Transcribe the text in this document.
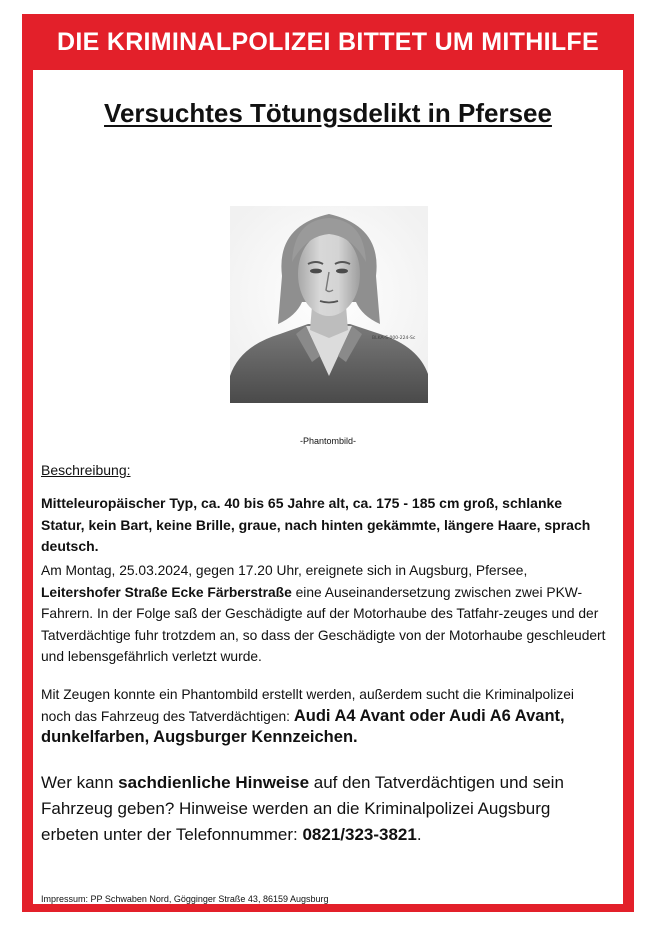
DIE KRIMINALPOLIZEI BITTET UM MITHILFE
Versuchtes Tötungsdelikt in Pfersee
BLKA-S-000-224-Sc
-Phantombild-
Beschreibung:

Mitteleuropäischer Typ, ca. 40 bis 65 Jahre alt, ca. 175 - 185 cm groß, schlanke Statur, kein Bart, keine Brille, graue, nach hinten gekämmte, längere Haare, sprach deutsch.

Am Montag, 25.03.2024, gegen 17.20 Uhr, ereignete sich in Augsburg, Pfersee, Leitershofer Straße Ecke Färberstraße eine Auseinandersetzung zwischen zwei PKW-Fahrern. In der Folge saß der Geschädigte auf der Motorhaube des Tatfahr-zeuges und der Tatverdächtige fuhr trotzdem an, so dass der Geschädigte von der Motorhaube geschleudert und lebensgefährlich verletzt wurde.

Mit Zeugen konnte ein Phantombild erstellt werden, außerdem sucht die Kriminalpolizei noch das Fahrzeug des Tatverdächtigen: Audi A4 Avant oder Audi A6 Avant, dunkelfarben, Augsburger Kennzeichen.

Wer kann sachdienliche Hinweise auf den Tatverdächtigen und sein Fahrzeug geben? Hinweise werden an die Kriminalpolizei Augsburg erbeten unter der Telefonnummer: 0821/323-3821.

Impressum: PP Schwaben Nord, Gögginger Straße 43, 86159 Augsburg
